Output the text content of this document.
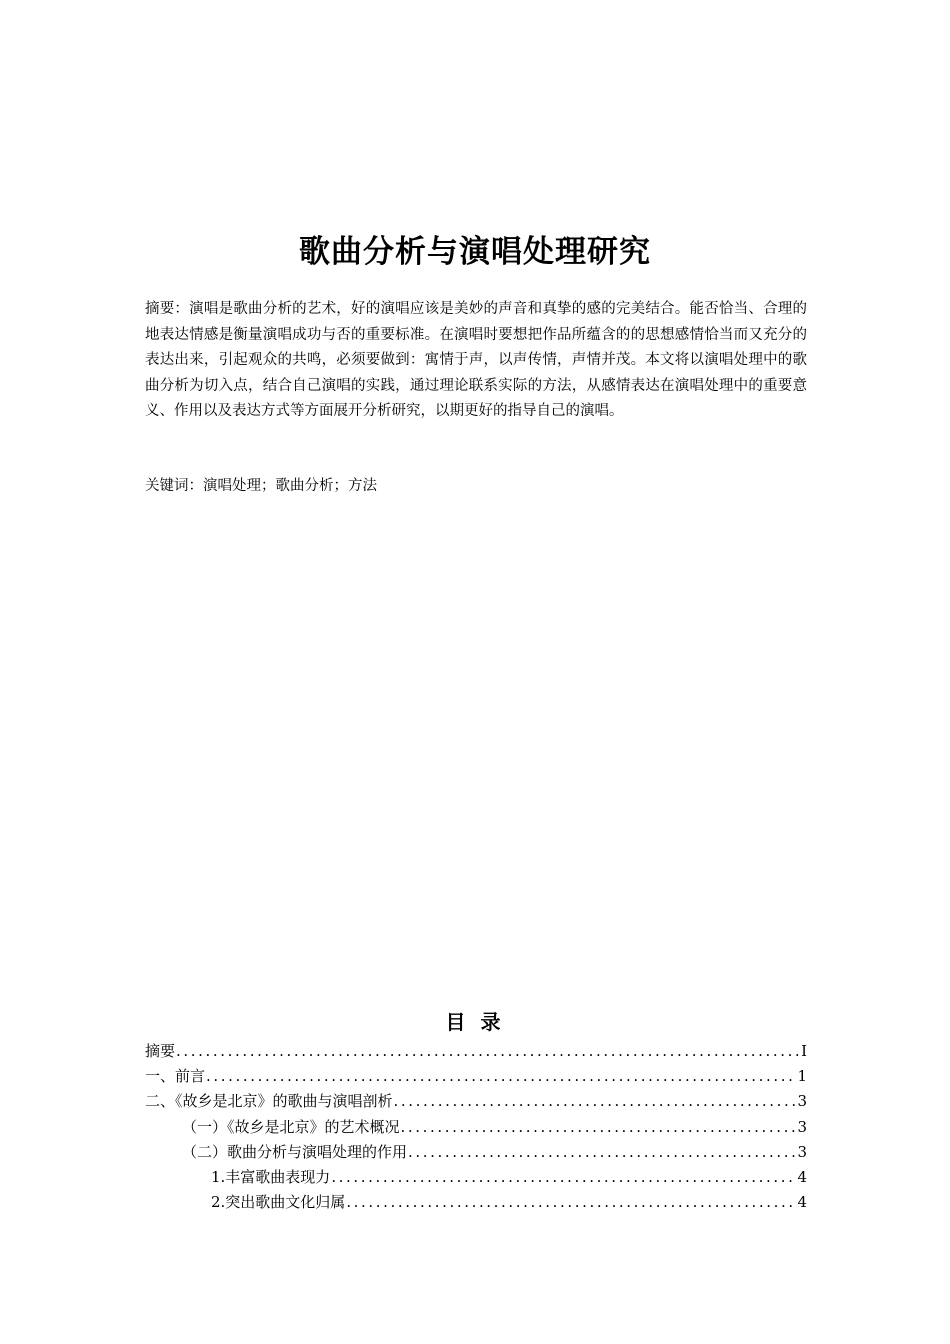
歌曲分析与演唱处理研究

摘要：演唱是歌曲分析的艺术，好的演唱应该是美妙的声音和真挚的感的完美结合。能否恰当、合理的地表达情感是衡量演唱成功与否的重要标准。在演唱时要想把作品所蕴含的的思想感情恰当而又充分的表达出来，引起观众的共鸣，必须要做到：寓情于声，以声传情，声情并茂。本文将以演唱处理中的歌曲分析为切入点，结合自己演唱的实践，通过理论联系实际的方法，从感情表达在演唱处理中的重要意义、作用以及表达方式等方面展开分析研究，以期更好的指导自己的演唱。

关键词：演唱处理；歌曲分析；方法

目 录
摘要 .....	I
一、前言 .....	1
二、《故乡是北京》的歌曲与演唱剖析 .....	3
（一）《故乡是北京》的艺术概况 .....	3
（二）歌曲分析与演唱处理的作用 .....	3
1.丰富歌曲表现力 .....	4
2.突出歌曲文化归属 .....	4
